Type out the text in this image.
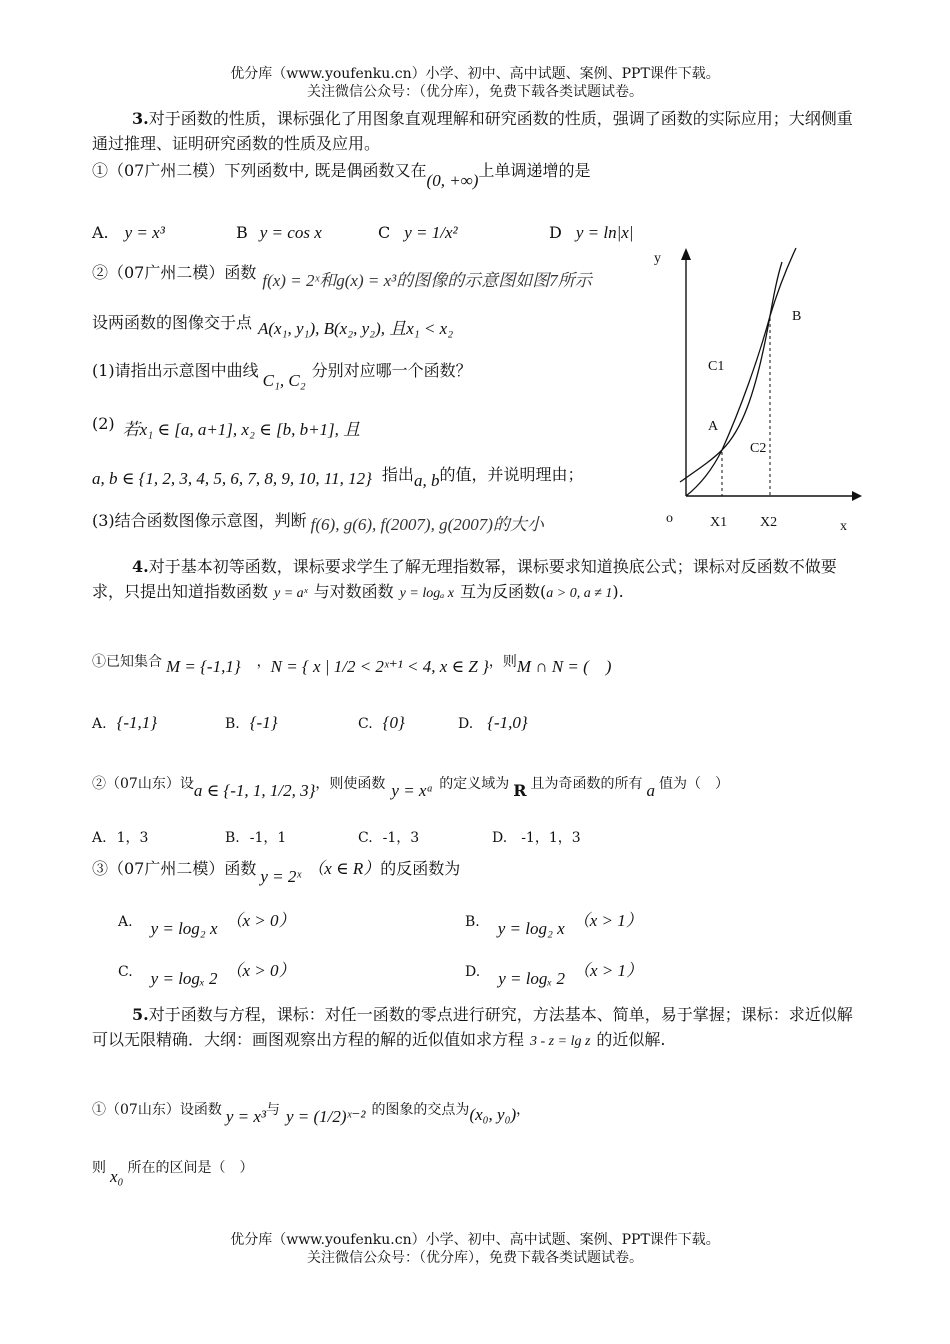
优分库（www.youfenku.cn）小学、初中、高中试题、案例、PPT课件下载。
关注微信公众号：（优分库），免费下载各类试题试卷。
3.对于函数的性质，课标强化了用图象直观理解和研究函数的性质，强调了函数的实际应用；大纲侧重通过推理、证明研究函数的性质及应用。
①（07广州二模）下列函数中, 既是偶函数又在(0, +∞)上单调递增的是
A. y = x³	B y = cos x	C y = 1/x²	D y = ln|x|
②（07广州二模）函数 f(x) = 2ˣ和g(x) = x³的图像的示意图如图7所示
设两函数的图像交于点 A(x₁, y₁), B(x₂, y₂), 且x₁ < x₂
(1)请指出示意图中曲线C₁, C₂分别对应哪一个函数？
(2) 若x₁ ∈ [a, a+1], x₂ ∈ [b, b+1], 且
a, b ∈ {1, 2, 3, 4, 5, 6, 7, 8, 9, 10, 11, 12} 指出a, b的值，并说明理由；
(3)结合函数图像示意图，判断 f(6), g(6), f(2007), g(2007)的大小
y
x
o
C1
C2
A
B
X1 X2
4.对于基本初等函数，课标要求学生了解无理指数幂，课标要求知道换底公式；课标对反函数不做要求，只提出知道指数函数 y = aˣ 与对数函数 y = logₐ x 互为反函数(a > 0, a ≠ 1).
①已知集合 M = {-1,1} ，N = { x | 1/2 < 2ˣ⁺¹ < 4, x ∈ Z }，则M ∩ N = (　)
A. {-1,1}	B. {-1}	C. {0}	D. {-1,0}
②（07山东）设a ∈ {-1, 1, 1/2, 3}，则使函数 y = xᵃ 的定义域为 R 且为奇函数的所有 a 值为（　）
A. 1，3	B. -1，1	C. -1，3	D. -1，1，3
③（07广州二模）函数 y = 2ˣ （x ∈ R）的反函数为
A. y = log₂ x （x > 0）	B. y = log₂ x （x > 1）
C. y = logₓ 2 （x > 0）	D. y = logₓ 2 （x > 1）
5.对于函数与方程，课标：对任一函数的零点进行研究，方法基本、简单，易于掌握；课标：求近似解可以无限精确．大纲：画图观察出方程的解的近似值如求方程 3 - z = lg z 的近似解.
①（07山东）设函数 y = x³与 y = (1/2)ˣ⁻² 的图象的交点为(x₀, y₀)，
则 x₀ 所在的区间是（　）
优分库（www.youfenku.cn）小学、初中、高中试题、案例、PPT课件下载。
关注微信公众号：（优分库），免费下载各类试题试卷。
